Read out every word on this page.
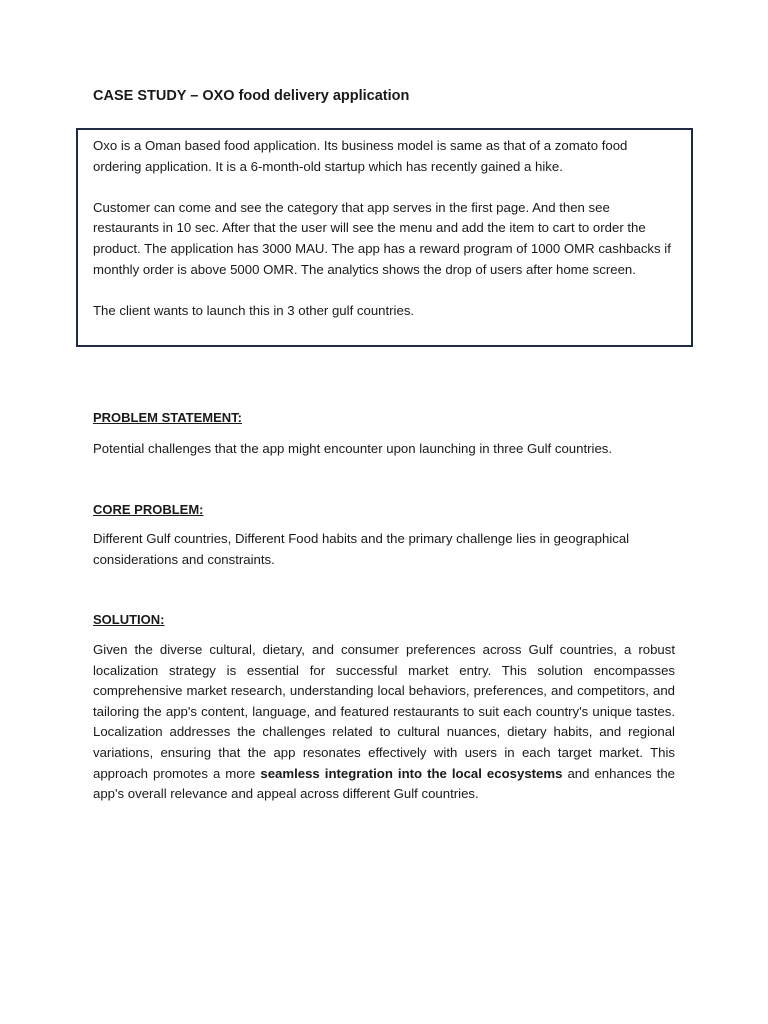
CASE STUDY – OXO food delivery application

Oxo is a Oman based food application. Its business model is same as that of a zomato food ordering application. It is a 6-month-old startup which has recently gained a hike.

Customer can come and see the category that app serves in the first page. And then see restaurants in 10 sec. After that the user will see the menu and add the item to cart to order the product. The application has 3000 MAU. The app has a reward program of 1000 OMR cashbacks if monthly order is above 5000 OMR. The analytics shows the drop of users after home screen.

The client wants to launch this in 3 other gulf countries.

PROBLEM STATEMENT:

Potential challenges that the app might encounter upon launching in three Gulf countries.

CORE PROBLEM:

Different Gulf countries, Different Food habits and the primary challenge lies in geographical considerations and constraints.

SOLUTION:

Given the diverse cultural, dietary, and consumer preferences across Gulf countries, a robust localization strategy is essential for successful market entry. This solution encompasses comprehensive market research, understanding local behaviors, preferences, and competitors, and tailoring the app's content, language, and featured restaurants to suit each country's unique tastes. Localization addresses the challenges related to cultural nuances, dietary habits, and regional variations, ensuring that the app resonates effectively with users in each target market. This approach promotes a more seamless integration into the local ecosystems and enhances the app's overall relevance and appeal across different Gulf countries.
